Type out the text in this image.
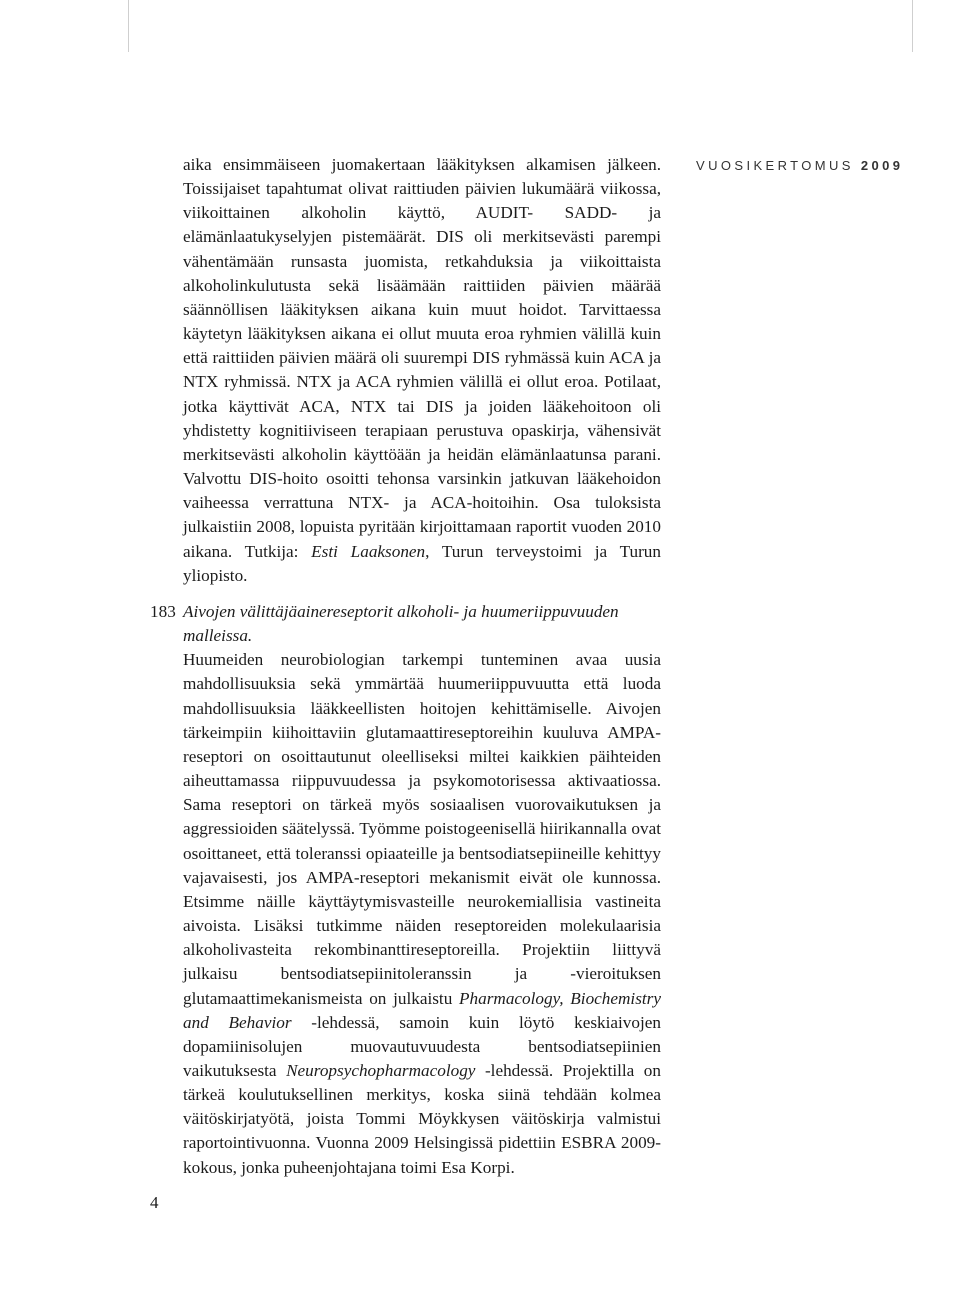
VUOSIKERTOMUS 2009

aika ensimmäiseen juomakertaan lääkityksen alkamisen jälkeen. Toissijaiset tapahtumat olivat raittiuden päivien lukumäärä viikossa, viikoittainen alkoholin käyttö, AUDIT- SADD- ja elämänlaatukyselyjen pistemäärät. DIS oli merkitsevästi parempi vähentämään runsasta juomista, retkahduksia ja viikoittaista alkoholinkulutusta sekä lisäämään raittiiden päivien määrää säännöllisen lääkityksen aikana kuin muut hoidot. Tarvittaessa käytetyn lääkityksen aikana ei ollut muuta eroa ryhmien välillä kuin että raittiiden päivien määrä oli suurempi DIS ryhmässä kuin ACA ja NTX ryhmissä. NTX ja ACA ryhmien välillä ei ollut eroa. Potilaat, jotka käyttivät ACA, NTX tai DIS ja joiden lääkehoitoon oli yhdistetty kognitiiviseen terapiaan perustuva opaskirja, vähensivät merkitsevästi alkoholin käyttöään ja heidän elämänlaatunsa parani. Valvottu DIS-hoito osoitti tehonsa varsinkin jatkuvan lääkehoidon vaiheessa verrattuna NTX- ja ACA-hoitoihin. Osa tuloksista julkaistiin 2008, lopuista pyritään kirjoittamaan raportit vuoden 2010 aikana. Tutkija: Esti Laaksonen, Turun terveystoimi ja Turun yliopisto.

183 Aivojen välittäjäainereseptorit alkoholi- ja huumeriippuvuuden malleissa.

Huumeiden neurobiologian tarkempi tunteminen avaa uusia mahdollisuuksia sekä ymmärtää huumeriippuvuutta että luoda mahdollisuuksia lääkkeellisten hoitojen kehittämiselle. Aivojen tärkeimpiin kiihoittaviin glutamaattireseptoreihin kuuluva AMPA-reseptori on osoittautunut oleelliseksi miltei kaikkien päihteiden aiheuttamassa riippuvuudessa ja psykomotorisessa aktivaatiossa. Sama reseptori on tärkeä myös sosiaalisen vuorovaikutuksen ja aggressioiden säätelyssä. Työmme poistogeenisellä hiirikannalla ovat osoittaneet, että toleranssi opiaateille ja bentsodiatsepiineille kehittyy vajavaisesti, jos AMPA-reseptori mekanismit eivät ole kunnossa. Etsimme näille käyttäytymisvasteille neurokemiallisia vastineita aivoista. Lisäksi tutkimme näiden reseptoreiden molekulaarisia alkoholivasteita rekombinanttireseptoreilla. Projektiin liittyvä julkaisu bentsodiatsepiinitoleranssin ja -vieroituksen glutamaattimekanismeista on julkaistu Pharmacology, Biochemistry and Behavior -lehdessä, samoin kuin löytö keskiaivojen dopamiinisolujen muovautuvuudesta bentsodiatsepiinien vaikutuksesta Neuropsychopharmacology -lehdessä. Projektilla on tärkeä koulutuksellinen merkitys, koska siinä tehdään kolmea väitöskirjatyötä, joista Tommi Möykkysen väitöskirja valmistui raportointivuonna. Vuonna 2009 Helsingissä pidettiin ESBRA 2009-kokous, jonka puheenjohtajana toimi Esa Korpi.

4
